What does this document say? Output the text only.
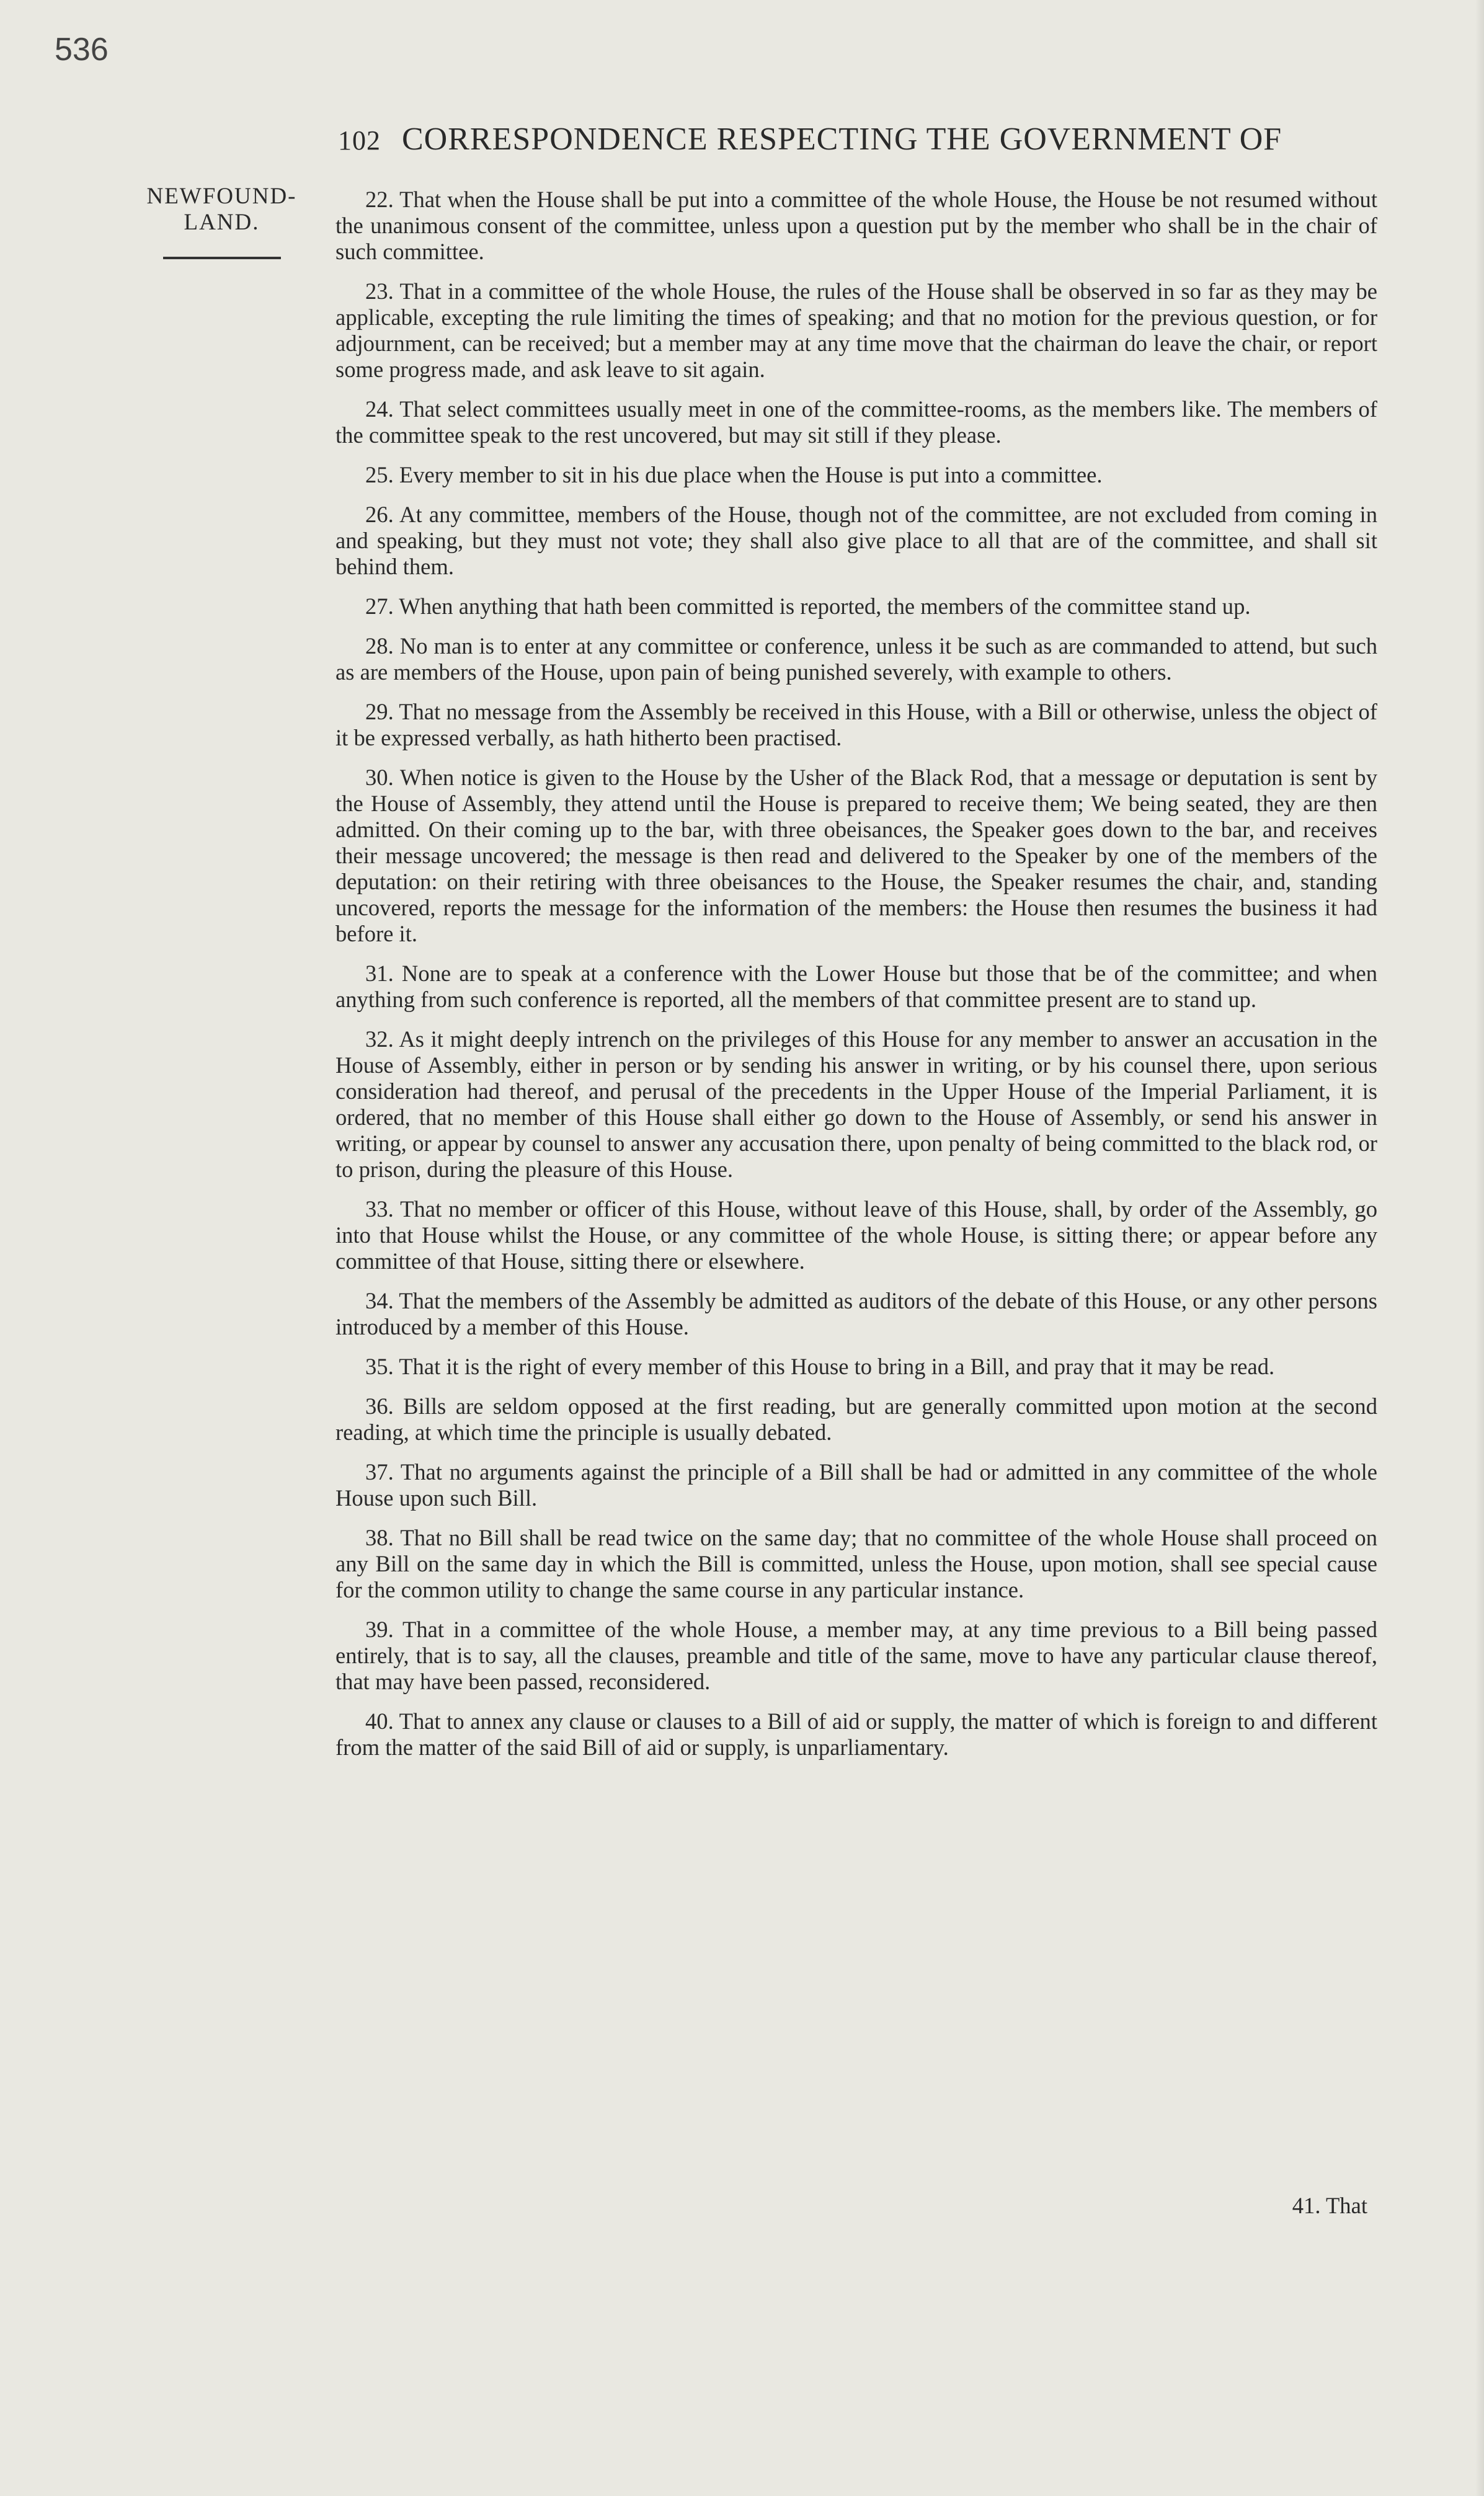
536
102 CORRESPONDENCE RESPECTING THE GOVERNMENT OF
NEWFOUND-
LAND.

22. That when the House shall be put into a committee of the whole House, the House be not resumed without the unanimous consent of the committee, unless upon a question put by the member who shall be in the chair of such committee.

23. That in a committee of the whole House, the rules of the House shall be observed in so far as they may be applicable, excepting the rule limiting the times of speaking; and that no motion for the previous question, or for adjournment, can be received; but a member may at any time move that the chairman do leave the chair, or report some progress made, and ask leave to sit again.

24. That select committees usually meet in one of the committee-rooms, as the members like. The members of the committee speak to the rest uncovered, but may sit still if they please.

25. Every member to sit in his due place when the House is put into a committee.

26. At any committee, members of the House, though not of the committee, are not excluded from coming in and speaking, but they must not vote; they shall also give place to all that are of the committee, and shall sit behind them.

27. When anything that hath been committed is reported, the members of the committee stand up.

28. No man is to enter at any committee or conference, unless it be such as are commanded to attend, but such as are members of the House, upon pain of being punished severely, with example to others.

29. That no message from the Assembly be received in this House, with a Bill or otherwise, unless the object of it be expressed verbally, as hath hitherto been practised.

30. When notice is given to the House by the Usher of the Black Rod, that a message or deputation is sent by the House of Assembly, they attend until the House is prepared to receive them; We being seated, they are then admitted. On their coming up to the bar, with three obeisances, the Speaker goes down to the bar, and receives their message uncovered; the message is then read and delivered to the Speaker by one of the members of the deputation: on their retiring with three obeisances to the House, the Speaker resumes the chair, and, standing uncovered, reports the message for the information of the members: the House then resumes the business it had before it.

31. None are to speak at a conference with the Lower House but those that be of the committee; and when anything from such conference is reported, all the members of that committee present are to stand up.

32. As it might deeply intrench on the privileges of this House for any member to answer an accusation in the House of Assembly, either in person or by sending his answer in writing, or by his counsel there, upon serious consideration had thereof, and perusal of the precedents in the Upper House of the Imperial Parliament, it is ordered, that no member of this House shall either go down to the House of Assembly, or send his answer in writing, or appear by counsel to answer any accusation there, upon penalty of being committed to the black rod, or to prison, during the pleasure of this House.

33. That no member or officer of this House, without leave of this House, shall, by order of the Assembly, go into that House whilst the House, or any committee of the whole House, is sitting there; or appear before any committee of that House, sitting there or elsewhere.

34. That the members of the Assembly be admitted as auditors of the debate of this House, or any other persons introduced by a member of this House.

35. That it is the right of every member of this House to bring in a Bill, and pray that it may be read.

36. Bills are seldom opposed at the first reading, but are generally committed upon motion at the second reading, at which time the principle is usually debated.

37. That no arguments against the principle of a Bill shall be had or admitted in any committee of the whole House upon such Bill.

38. That no Bill shall be read twice on the same day; that no committee of the whole House shall proceed on any Bill on the same day in which the Bill is committed, unless the House, upon motion, shall see special cause for the common utility to change the same course in any particular instance.

39. That in a committee of the whole House, a member may, at any time previous to a Bill being passed entirely, that is to say, all the clauses, preamble and title of the same, move to have any particular clause thereof, that may have been passed, reconsidered.

40. That to annex any clause or clauses to a Bill of aid or supply, the matter of which is foreign to and different from the matter of the said Bill of aid or supply, is unparliamentary.

41. That
